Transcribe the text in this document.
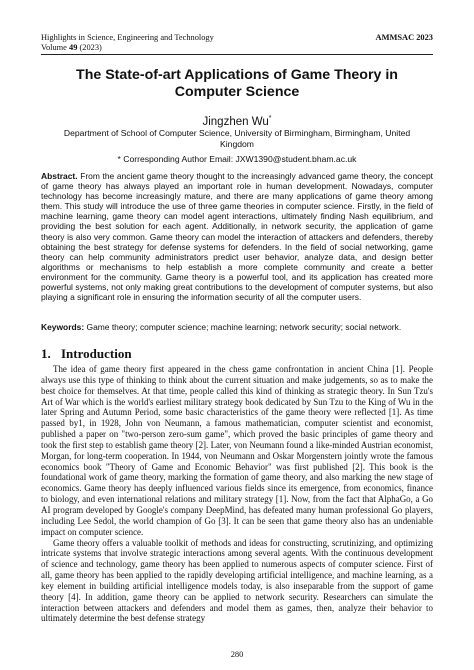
Highlights in Science, Engineering and Technology	AMMSAC 2023
Volume 49 (2023)
The State-of-art Applications of Game Theory in Computer Science
Jingzhen Wu*
Department of School of Computer Science, University of Birmingham, Birmingham, United Kingdom
* Corresponding Author Email: JXW1390@student.bham.ac.uk
Abstract. From the ancient game theory thought to the increasingly advanced game theory, the concept of game theory has always played an important role in human development. Nowadays, computer technology has become increasingly mature, and there are many applications of game theory among them. This study will introduce the use of three game theories in computer science. Firstly, in the field of machine learning, game theory can model agent interactions, ultimately finding Nash equilibrium, and providing the best solution for each agent. Additionally, in network security, the application of game theory is also very common. Game theory can model the interaction of attackers and defenders, thereby obtaining the best strategy for defense systems for defenders. In the field of social networking, game theory can help community administrators predict user behavior, analyze data, and design better algorithms or mechanisms to help establish a more complete community and create a better environment for the community. Game theory is a powerful tool, and its application has created more powerful systems, not only making great contributions to the development of computer systems, but also playing a significant role in ensuring the information security of all the computer users.
Keywords: Game theory; computer science; machine learning; network security; social network.
1. Introduction

The idea of game theory first appeared in the chess game confrontation in ancient China [1]. People always use this type of thinking to think about the current situation and make judgements, so as to make the best choice for themselves. At that time, people called this kind of thinking as strategic theory. In Sun Tzu's Art of War which is the world's earliest military strategy book dedicated by Sun Tzu to the King of Wu in the later Spring and Autumn Period, some basic characteristics of the game theory were reflected [1]. As time passed by1, in 1928, John von Neumann, a famous mathematician, computer scientist and economist, published a paper on "two-person zero-sum game", which proved the basic principles of game theory and took the first step to establish game theory [2]. Later, von Neumann found a like-minded Austrian economist, Morgan, for long-term cooperation. In 1944, von Neumann and Oskar Morgenstern jointly wrote the famous economics book "Theory of Game and Economic Behavior" was first published [2]. This book is the foundational work of game theory, marking the formation of game theory, and also marking the new stage of economics. Game theory has deeply influenced various fields since its emergence, from economics, finance to biology, and even international relations and military strategy [1]. Now, from the fact that AlphaGo, a Go AI program developed by Google's company DeepMind, has defeated many human professional Go players, including Lee Sedol, the world champion of Go [3]. It can be seen that game theory also has an undeniable impact on computer science.

Game theory offers a valuable toolkit of methods and ideas for constructing, scrutinizing, and optimizing intricate systems that involve strategic interactions among several agents. With the continuous development of science and technology, game theory has been applied to numerous aspects of computer science. First of all, game theory has been applied to the rapidly developing artificial intelligence, and machine learning, as a key element in building artificial intelligence models today, is also inseparable from the support of game theory [4]. In addition, game theory can be applied to network security. Researchers can simulate the interaction between attackers and defenders and model them as games, then, analyze their behavior to ultimately determine the best defense strategy

280
